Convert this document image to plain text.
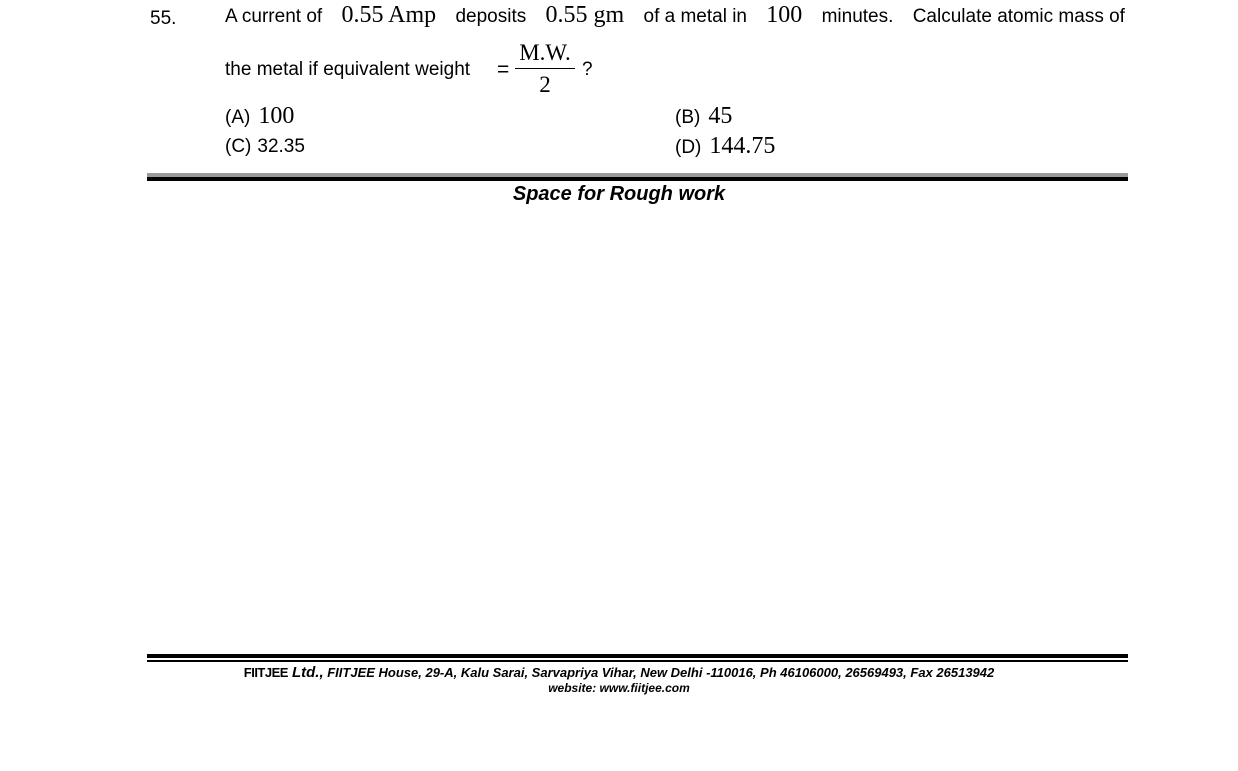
55.	A current of 0.55 Amp deposits 0.55 gm of a metal in 100 minutes. Calculate atomic mass of
the metal if equivalent weight =
M.W.
2
?
(A) 100	(B) 45
(C) 32.35	(D) 144.75
Space for Rough work
FIITJEE Ltd., FIITJEE House, 29-A, Kalu Sarai, Sarvapriya Vihar, New Delhi -110016, Ph 46106000, 26569493, Fax 26513942
website: www.fiitjee.com
